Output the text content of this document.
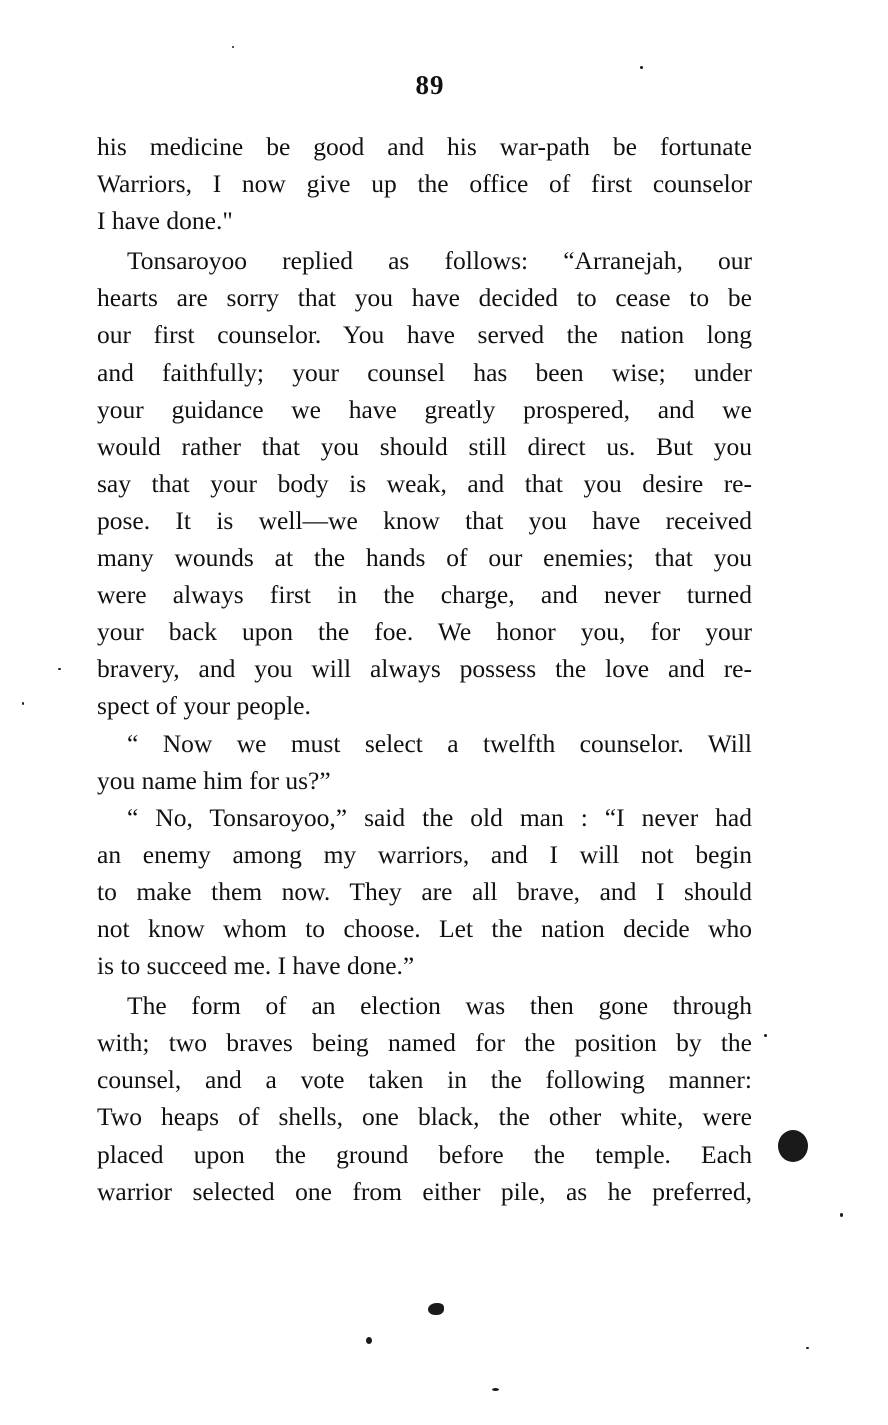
89
his medicine be good and his war-path be fortunate
Warriors, I now give up the office of first counselor
I have done."
Tonsaroyoo replied as follows: “Arranejah, our
hearts are sorry that you have decided to cease to be
our first counselor. You have served the nation long
and faithfully; your counsel has been wise; under
your guidance we have greatly prospered, and we
would rather that you should still direct us. But you
say that your body is weak, and that you desire re-
pose. It is well—we know that you have received
many wounds at the hands of our enemies; that you
were always first in the charge, and never turned
your back upon the foe. We honor you, for your
bravery, and you will always possess the love and re-
spect of your people.
“ Now we must select a twelfth counselor. Will
you name him for us?”
“ No, Tonsaroyoo,” said the old man : “I never had
an enemy among my warriors, and I will not begin
to make them now. They are all brave, and I should
not know whom to choose. Let the nation decide who
is to succeed me. I have done.”
The form of an election was then gone through
with; two braves being named for the position by the
counsel, and a vote taken in the following manner:
Two heaps of shells, one black, the other white, were
placed upon the ground before the temple. Each
warrior selected one from either pile, as he preferred,
